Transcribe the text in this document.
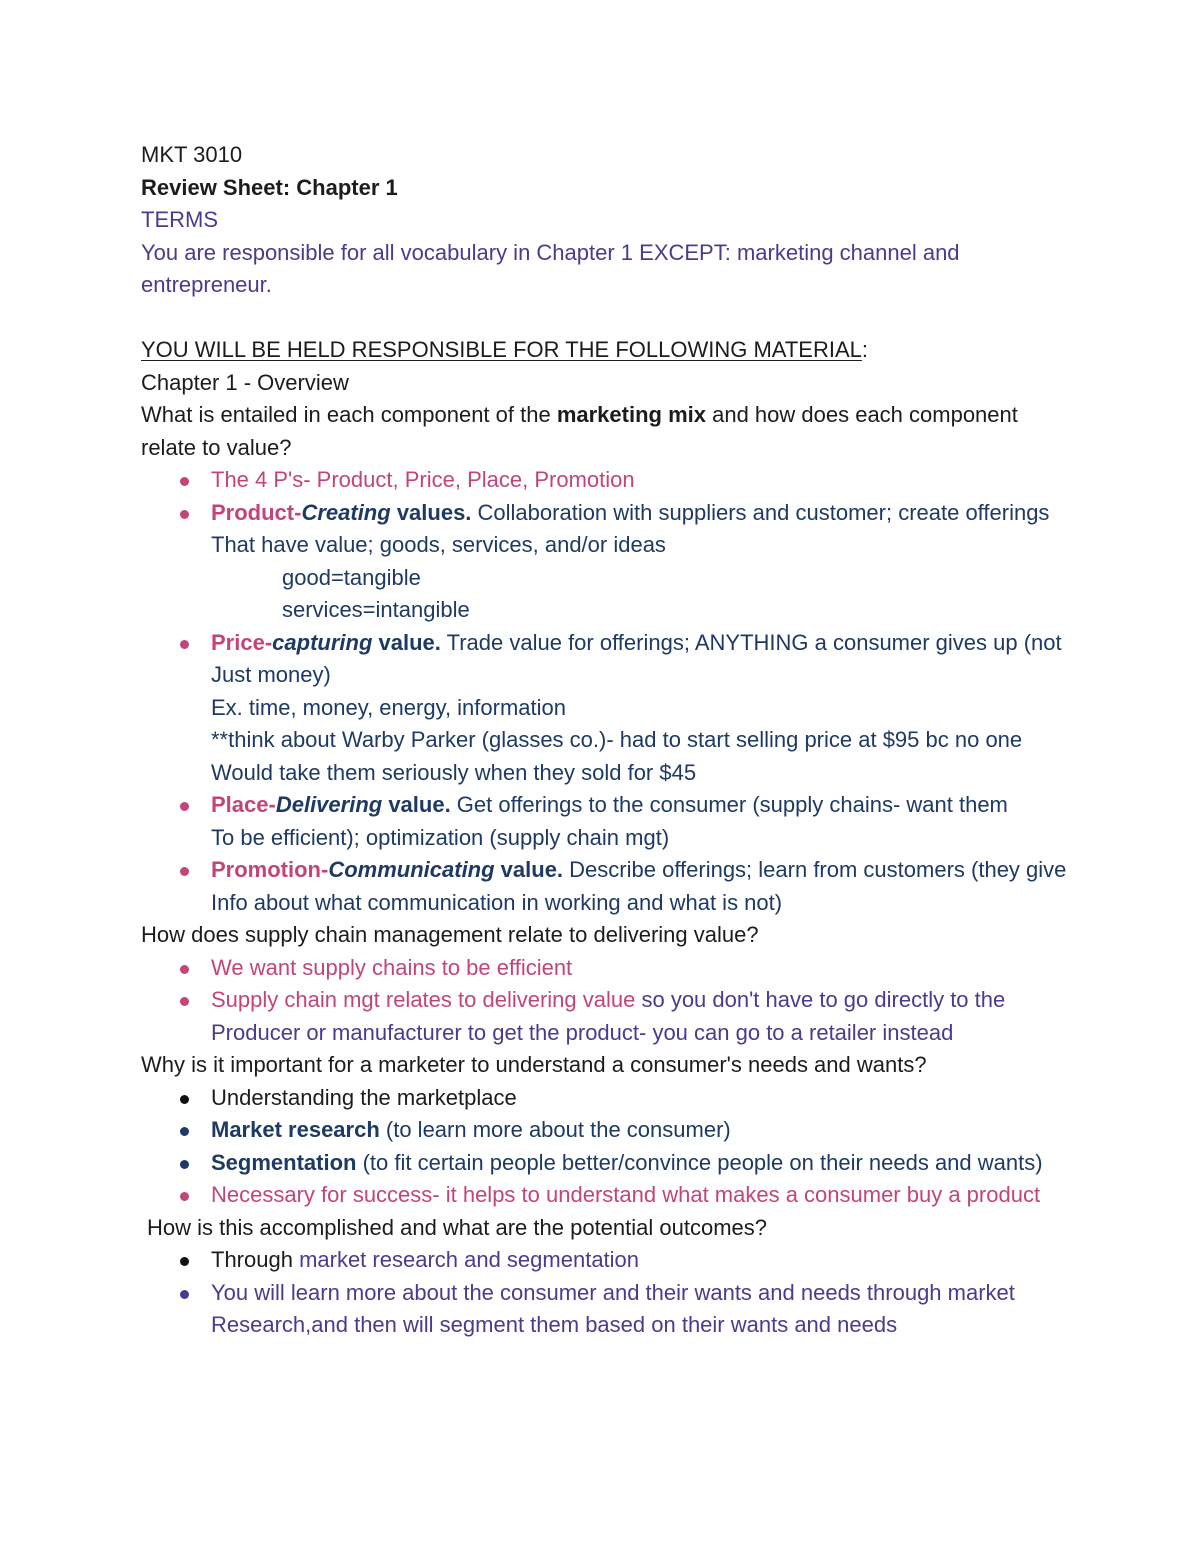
MKT 3010
Review Sheet: Chapter 1
TERMS
You are responsible for all vocabulary in Chapter 1 EXCEPT: marketing channel and
entrepreneur.
YOU WILL BE HELD RESPONSIBLE FOR THE FOLLOWING MATERIAL:
Chapter 1 - Overview
What is entailed in each component of the marketing mix and how does each component
relate to value?
The 4 P's- Product, Price, Place, Promotion
Product-Creating values. Collaboration with suppliers and customer; create offerings
That have value; goods, services, and/or ideas
good=tangible
services=intangible
Price-capturing value. Trade value for offerings; ANYTHING a consumer gives up (not
Just money)
Ex. time, money, energy, information
**think about Warby Parker (glasses co.)- had to start selling price at $95 bc no one
Would take them seriously when they sold for $45
Place-Delivering value. Get offerings to the consumer (supply chains- want them
To be efficient); optimization (supply chain mgt)
Promotion-Communicating value. Describe offerings; learn from customers (they give
Info about what communication in working and what is not)
How does supply chain management relate to delivering value?
We want supply chains to be efficient
Supply chain mgt relates to delivering value so you don't have to go directly to the
Producer or manufacturer to get the product- you can go to a retailer instead
Why is it important for a marketer to understand a consumer's needs and wants?
Understanding the marketplace
Market research (to learn more about the consumer)
Segmentation (to fit certain people better/convince people on their needs and wants)
Necessary for success- it helps to understand what makes a consumer buy a product
How is this accomplished and what are the potential outcomes?
Through market research and segmentation
You will learn more about the consumer and their wants and needs through market
Research,and then will segment them based on their wants and needs
